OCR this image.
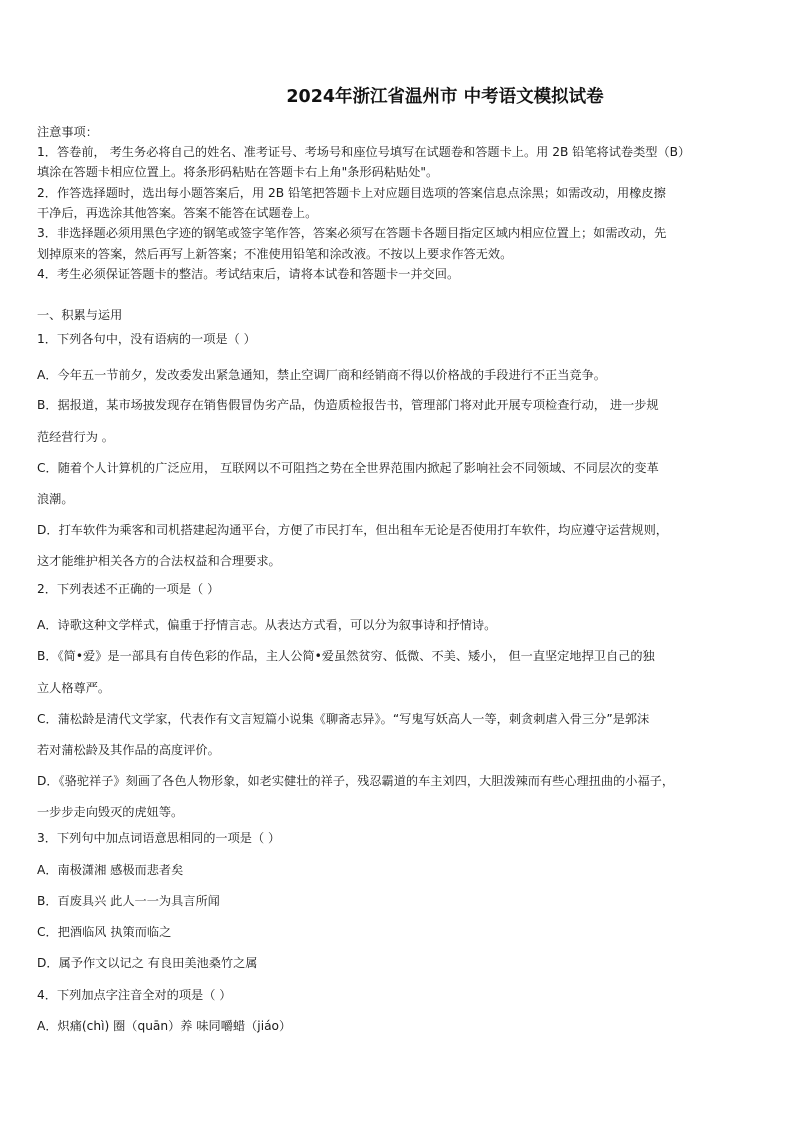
2024年浙江省温州市 中考语文模拟试卷
注意事项：
1．答卷前， 考生务必将自己的姓名、准考证号、考场号和座位号填写在试题卷和答题卡上。用 2B 铅笔将试卷类型（B）
填涂在答题卡相应位置上。将条形码粘贴在答题卡右上角"条形码粘贴处"。
2．作答选择题时，选出每小题答案后，用 2B 铅笔把答题卡上对应题目选项的答案信息点涂黑；如需改动，用橡皮擦
干净后，再选涂其他答案。答案不能答在试题卷上。
3．非选择题必须用黑色字迹的钢笔或签字笔作答，答案必须写在答题卡各题目指定区域内相应位置上；如需改动，先
划掉原来的答案，然后再写上新答案；不准使用铅笔和涂改液。不按以上要求作答无效。
4．考生必须保证答题卡的整洁。考试结束后，请将本试卷和答题卡一并交回。
一、积累与运用
1．下列各句中，没有语病的一项是（ ）
A．今年五一节前夕，发改委发出紧急通知，禁止空调厂商和经销商不得以价格战的手段进行不正当竞争。
B．据报道，某市场披发现存在销售假冒伪劣产品，伪造质检报告书，管理部门将对此开展专项检查行动， 进一步规
范经营行为 。
C．随着个人计算机的广泛应用， 互联网以不可阻挡之势在全世界范围内掀起了影响社会不同领域、不同层次的变革
浪潮。
D．打车软件为乘客和司机搭建起沟通平台，方便了市民打车，但出租车无论是否使用打车软件，均应遵守运营规则，
这才能维护相关各方的合法权益和合理要求。
2．下列表述不正确的一项是（ ）
A．诗歌这种文学样式，偏重于抒情言志。从表达方式看，可以分为叙事诗和抒情诗。
B．《简•爱》是一部具有自传色彩的作品，主人公简•爱虽然贫穷、低微、不美、矮小， 但一直坚定地捍卫自己的独
立人格尊严。
C．蒲松龄是清代文学家，代表作有文言短篇小说集《聊斋志异》。“写鬼写妖高人一等，刺贪刺虐入骨三分”是郭沫
若对蒲松龄及其作品的高度评价。
D．《骆驼祥子》刻画了各色人物形象，如老实健壮的祥子，残忍霸道的车主刘四，大胆泼辣而有些心理扭曲的小福子，
一步步走向毁灭的虎妞等。
3．下列句中加点词语意思相同的一项是（ ）
A．南极潇湘 感极而悲者矣
B．百废具兴 此人一一为具言所闻
C．把酒临风 执策而临之
D．属予作文以记之 有良田美池桑竹之属
4．下列加点字注音全对的项是（ ）
A．炽痛(chì) 圈（quān）养 味同嚼蜡（jiáo）
